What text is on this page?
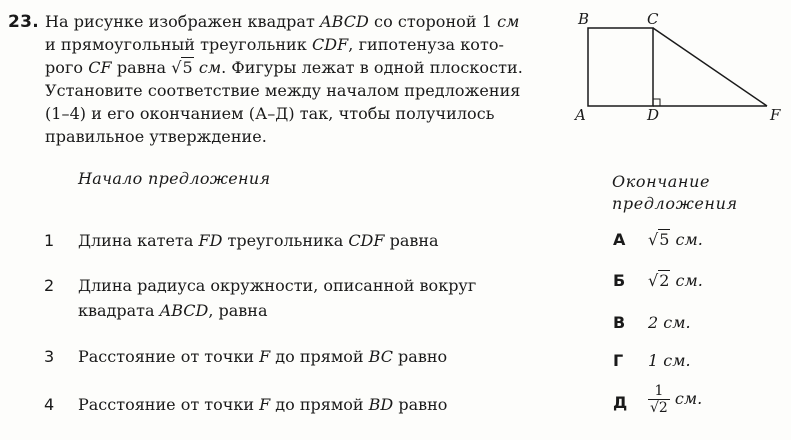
23. На рисунке изображен квадрат ABCD со стороной 1 см
и прямоугольный треугольник CDF, гипотенуза кото-
рого CF равна √5 см. Фигуры лежат в одной плоскости.
Установите соответствие между началом предложения
(1–4) и его окончанием (А–Д) так, чтобы получилось
правильное утверждение.
B	C
A	D	F
Начало предложения	Окончание
предложения
1 Длина катета FD треугольника CDF равна
2 Длина радиуса окружности, описанной вокруг
квадрата ABCD, равна
3 Расстояние от точки F до прямой BC равно
4 Расстояние от точки F до прямой BD равно
А √5 см.
Б √2 см.
В 2 см.
Г 1 см.
Д $\frac{1}{√2}$ см.
